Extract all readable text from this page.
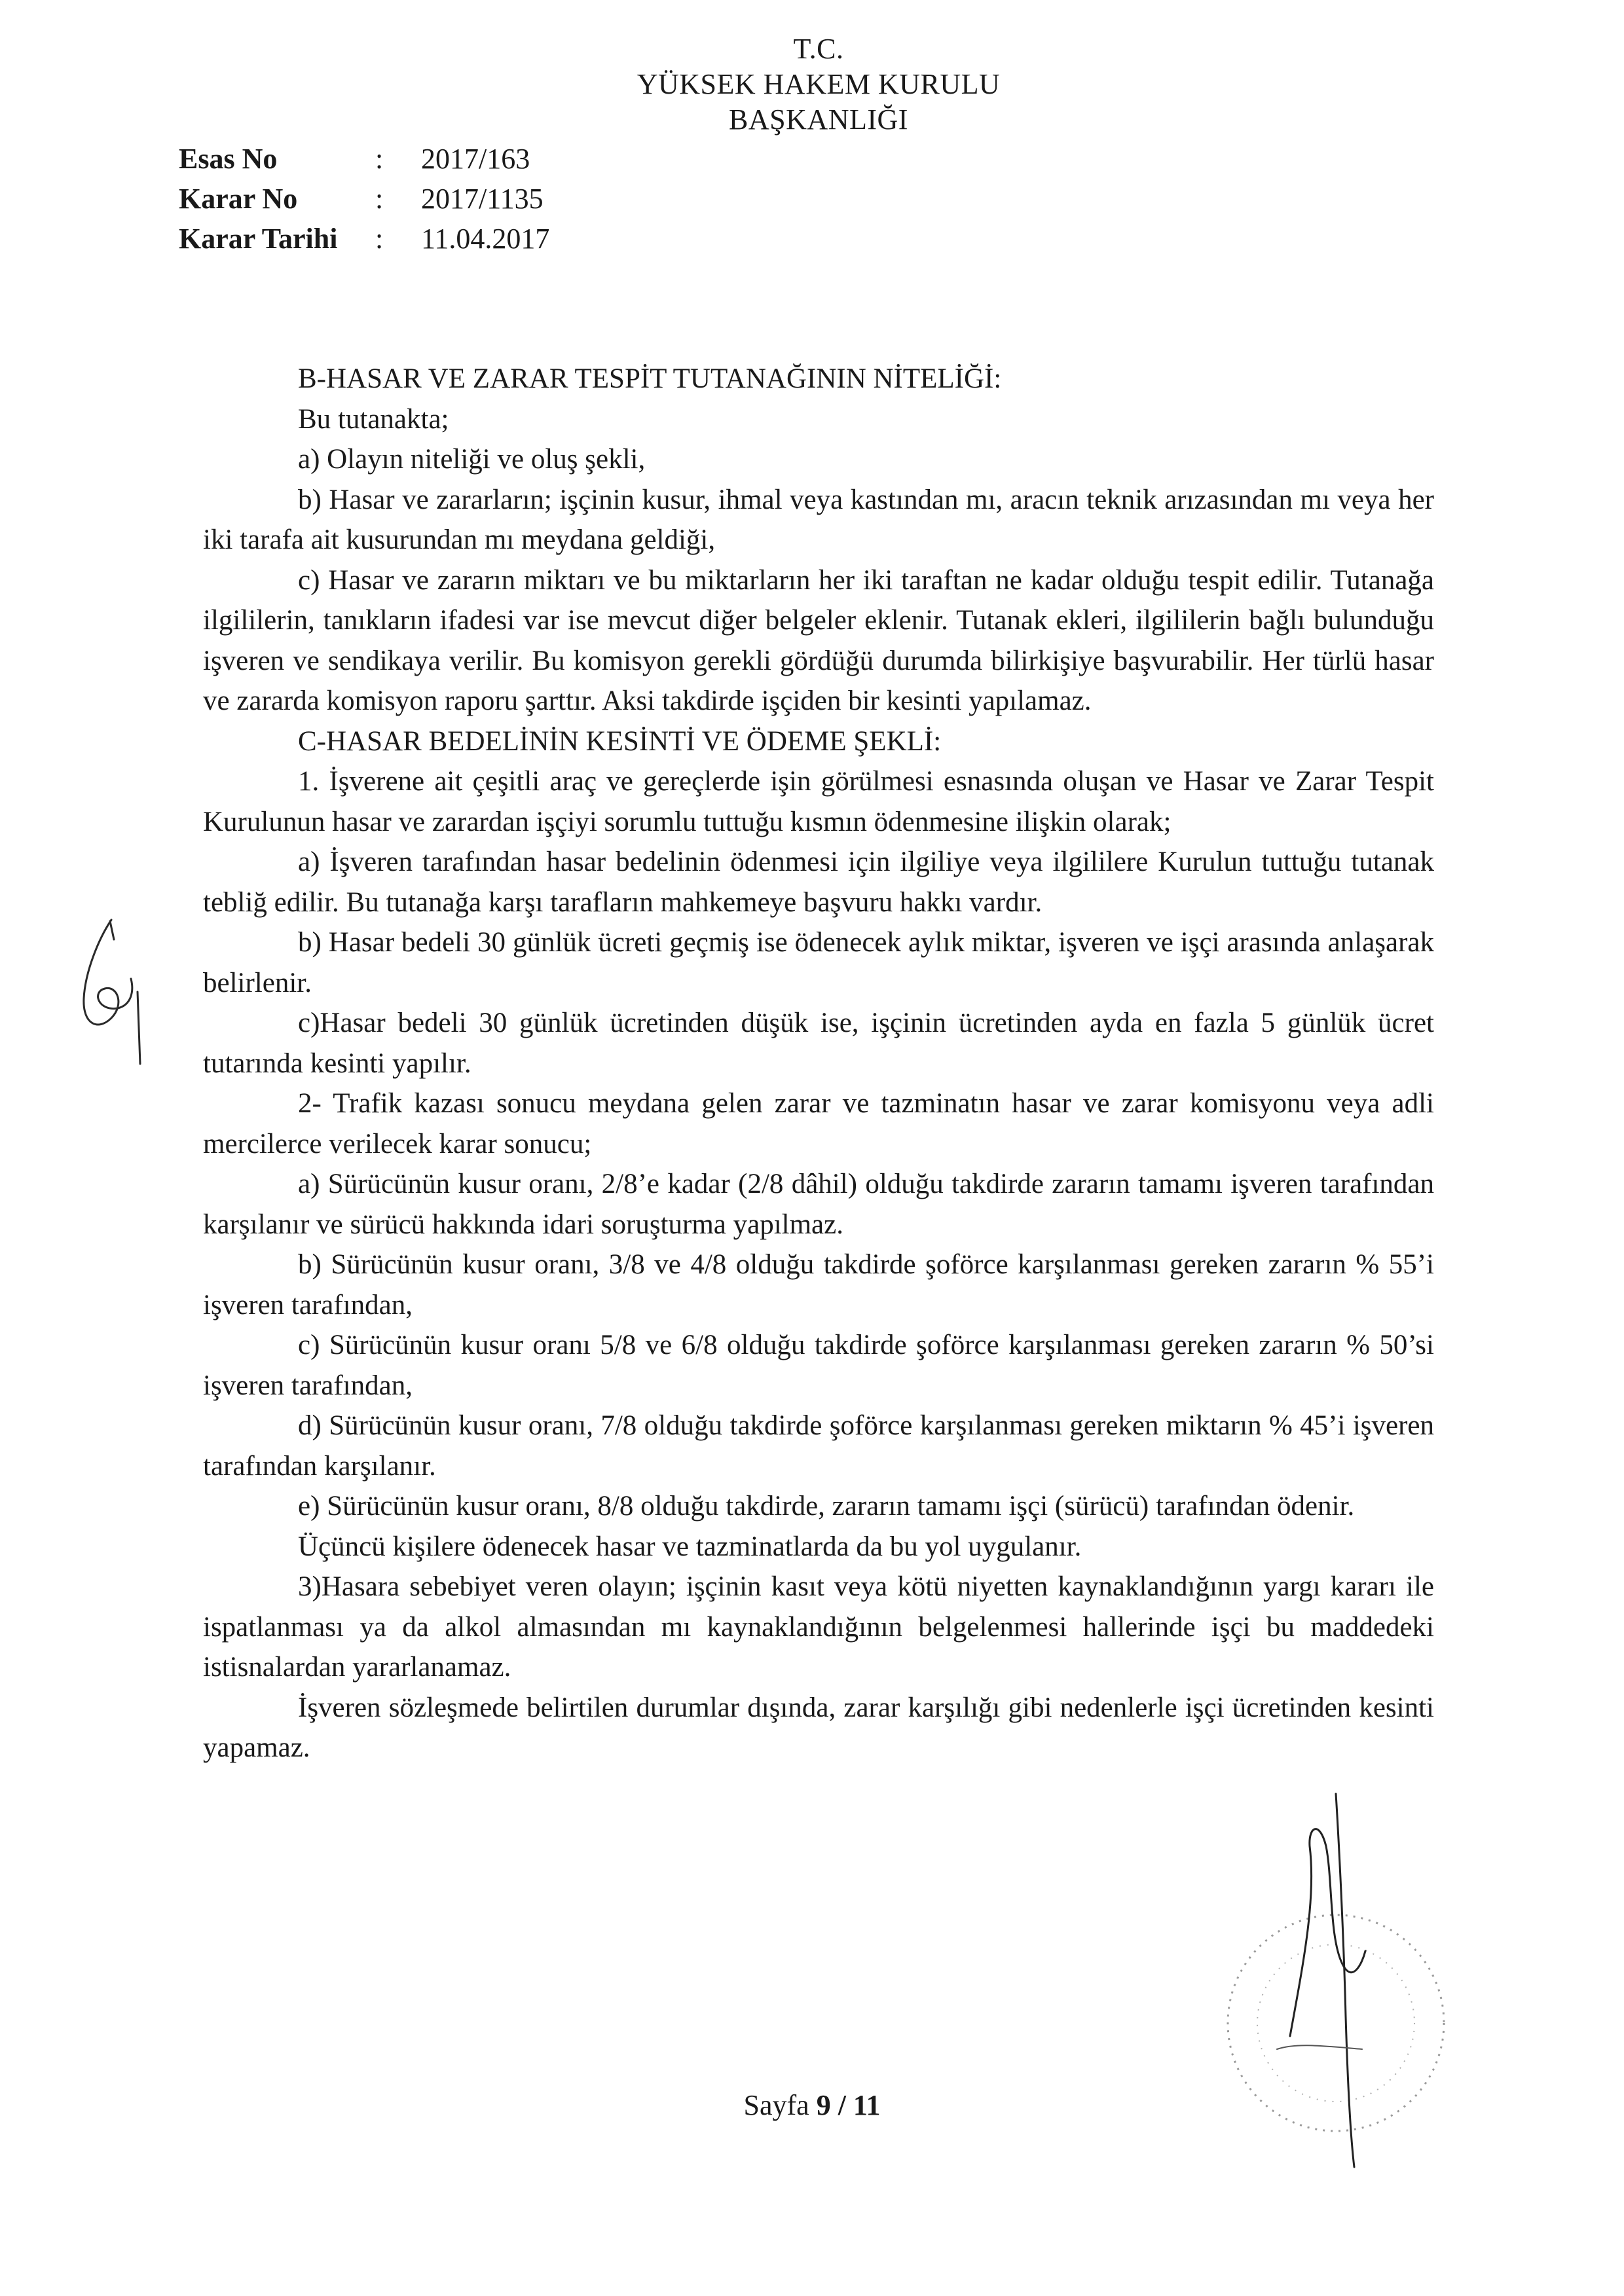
T.C.
YÜKSEK HAKEM KURULU
BAŞKANLIĞI
Esas No	:	2017/163
Karar No	:	2017/1135
Karar Tarihi	:	11.04.2017

B-HASAR VE ZARAR TESPİT TUTANAĞININ NİTELİĞİ:

Bu tutanakta;

a) Olayın niteliği ve oluş şekli,

b) Hasar ve zararların; işçinin kusur, ihmal veya kastından mı, aracın teknik arızasından mı veya her iki tarafa ait kusurundan mı meydana geldiği,

c) Hasar ve zararın miktarı ve bu miktarların her iki taraftan ne kadar olduğu tespit edilir. Tutanağa ilgililerin, tanıkların ifadesi var ise mevcut diğer belgeler eklenir. Tutanak ekleri, ilgililerin bağlı bulunduğu işveren ve sendikaya verilir. Bu komisyon gerekli gördüğü durumda bilirkişiye başvurabilir. Her türlü hasar ve zararda komisyon raporu şarttır. Aksi takdirde işçiden bir kesinti yapılamaz.

C-HASAR BEDELİNİN KESİNTİ VE ÖDEME ŞEKLİ:

1. İşverene ait çeşitli araç ve gereçlerde işin görülmesi esnasında oluşan ve Hasar ve Zarar Tespit Kurulunun hasar ve zarardan işçiyi sorumlu tuttuğu kısmın ödenmesine ilişkin olarak;

a) İşveren tarafından hasar bedelinin ödenmesi için ilgiliye veya ilgililere Kurulun tuttuğu tutanak tebliğ edilir. Bu tutanağa karşı tarafların mahkemeye başvuru hakkı vardır.

b) Hasar bedeli 30 günlük ücreti geçmiş ise ödenecek aylık miktar, işveren ve işçi arasında anlaşarak belirlenir.

c)Hasar bedeli 30 günlük ücretinden düşük ise, işçinin ücretinden ayda en fazla 5 günlük ücret tutarında kesinti yapılır.

2- Trafik kazası sonucu meydana gelen zarar ve tazminatın hasar ve zarar komisyonu veya adli mercilerce verilecek karar sonucu;

a) Sürücünün kusur oranı, 2/8’e kadar (2/8 dâhil) olduğu takdirde zararın tamamı işveren tarafından karşılanır ve sürücü hakkında idari soruşturma yapılmaz.

b) Sürücünün kusur oranı, 3/8 ve 4/8 olduğu takdirde şoförce karşılanması gereken zararın % 55’i işveren tarafından,

c) Sürücünün kusur oranı 5/8 ve 6/8 olduğu takdirde şoförce karşılanması gereken zararın % 50’si işveren tarafından,

d) Sürücünün kusur oranı, 7/8 olduğu takdirde şoförce karşılanması gereken miktarın % 45’i işveren tarafından karşılanır.

e) Sürücünün kusur oranı, 8/8 olduğu takdirde, zararın tamamı işçi (sürücü) tarafından ödenir.

Üçüncü kişilere ödenecek hasar ve tazminatlarda da bu yol uygulanır.

3)Hasara sebebiyet veren olayın; işçinin kasıt veya kötü niyetten kaynaklandığının yargı kararı ile ispatlanması ya da alkol almasından mı kaynaklandığının belgelenmesi hallerinde işçi bu maddedeki istisnalardan yararlanamaz.

İşveren sözleşmede belirtilen durumlar dışında, zarar karşılığı gibi nedenlerle işçi ücretinden kesinti yapamaz.

Sayfa 9 / 11
